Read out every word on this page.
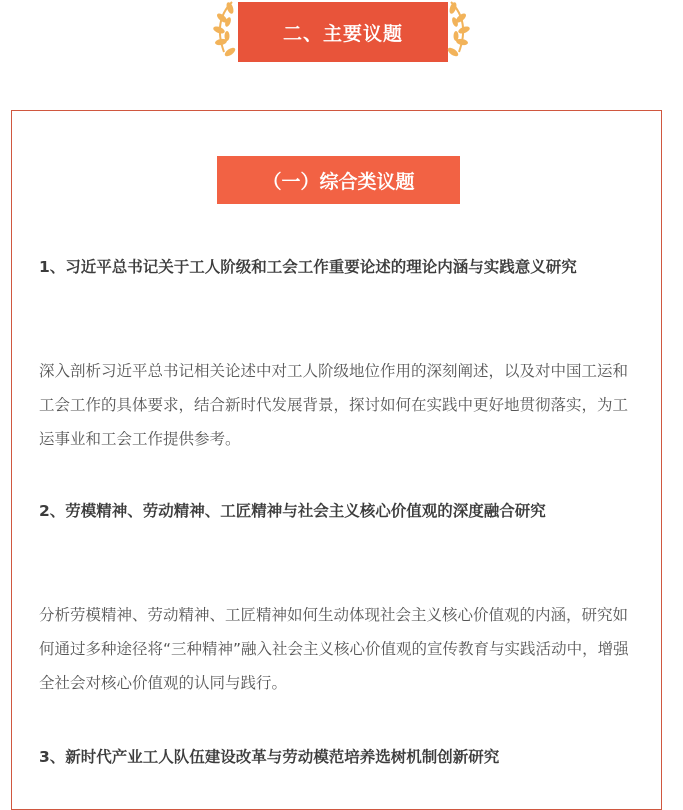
二、主要议题
（一）综合类议题

1、习近平总书记关于工人阶级和工会工作重要论述的理论内涵与实践意义研究

深入剖析习近平总书记相关论述中对工人阶级地位作用的深刻阐述，以及对中国工运和工会工作的具体要求，结合新时代发展背景，探讨如何在实践中更好地贯彻落实，为工运事业和工会工作提供参考。

2、劳模精神、劳动精神、工匠精神与社会主义核心价值观的深度融合研究

分析劳模精神、劳动精神、工匠精神如何生动体现社会主义核心价值观的内涵，研究如何通过多种途径将“三种精神”融入社会主义核心价值观的宣传教育与实践活动中，增强全社会对核心价值观的认同与践行。

3、新时代产业工人队伍建设改革与劳动模范培养选树机制创新研究
